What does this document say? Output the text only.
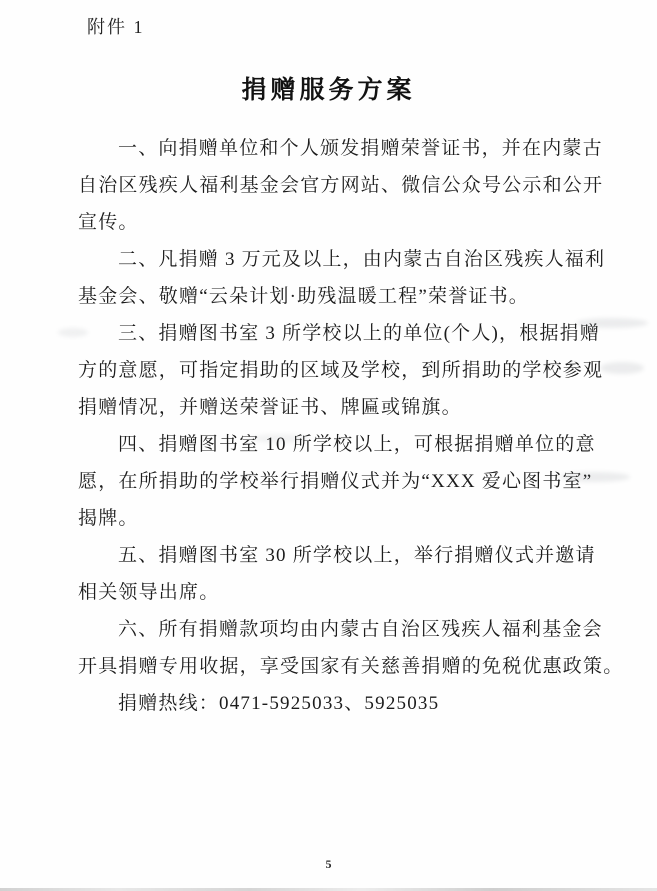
附件 1
捐赠服务方案
一、向捐赠单位和个人颁发捐赠荣誉证书，并在内蒙古
自治区残疾人福利基金会官方网站、微信公众号公示和公开
宣传。
二、凡捐赠 3 万元及以上，由内蒙古自治区残疾人福利
基金会、敬赠“云朵计划·助残温暖工程”荣誉证书。
三、捐赠图书室 3 所学校以上的单位(个人)，根据捐赠
方的意愿，可指定捐助的区域及学校，到所捐助的学校参观
捐赠情况，并赠送荣誉证书、牌匾或锦旗。
四、捐赠图书室 10 所学校以上，可根据捐赠单位的意
愿，在所捐助的学校举行捐赠仪式并为“XXX 爱心图书室”
揭牌。
五、捐赠图书室 30 所学校以上，举行捐赠仪式并邀请
相关领导出席。
六、所有捐赠款项均由内蒙古自治区残疾人福利基金会
开具捐赠专用收据，享受国家有关慈善捐赠的免税优惠政策。
捐赠热线：0471-5925033、5925035
5
